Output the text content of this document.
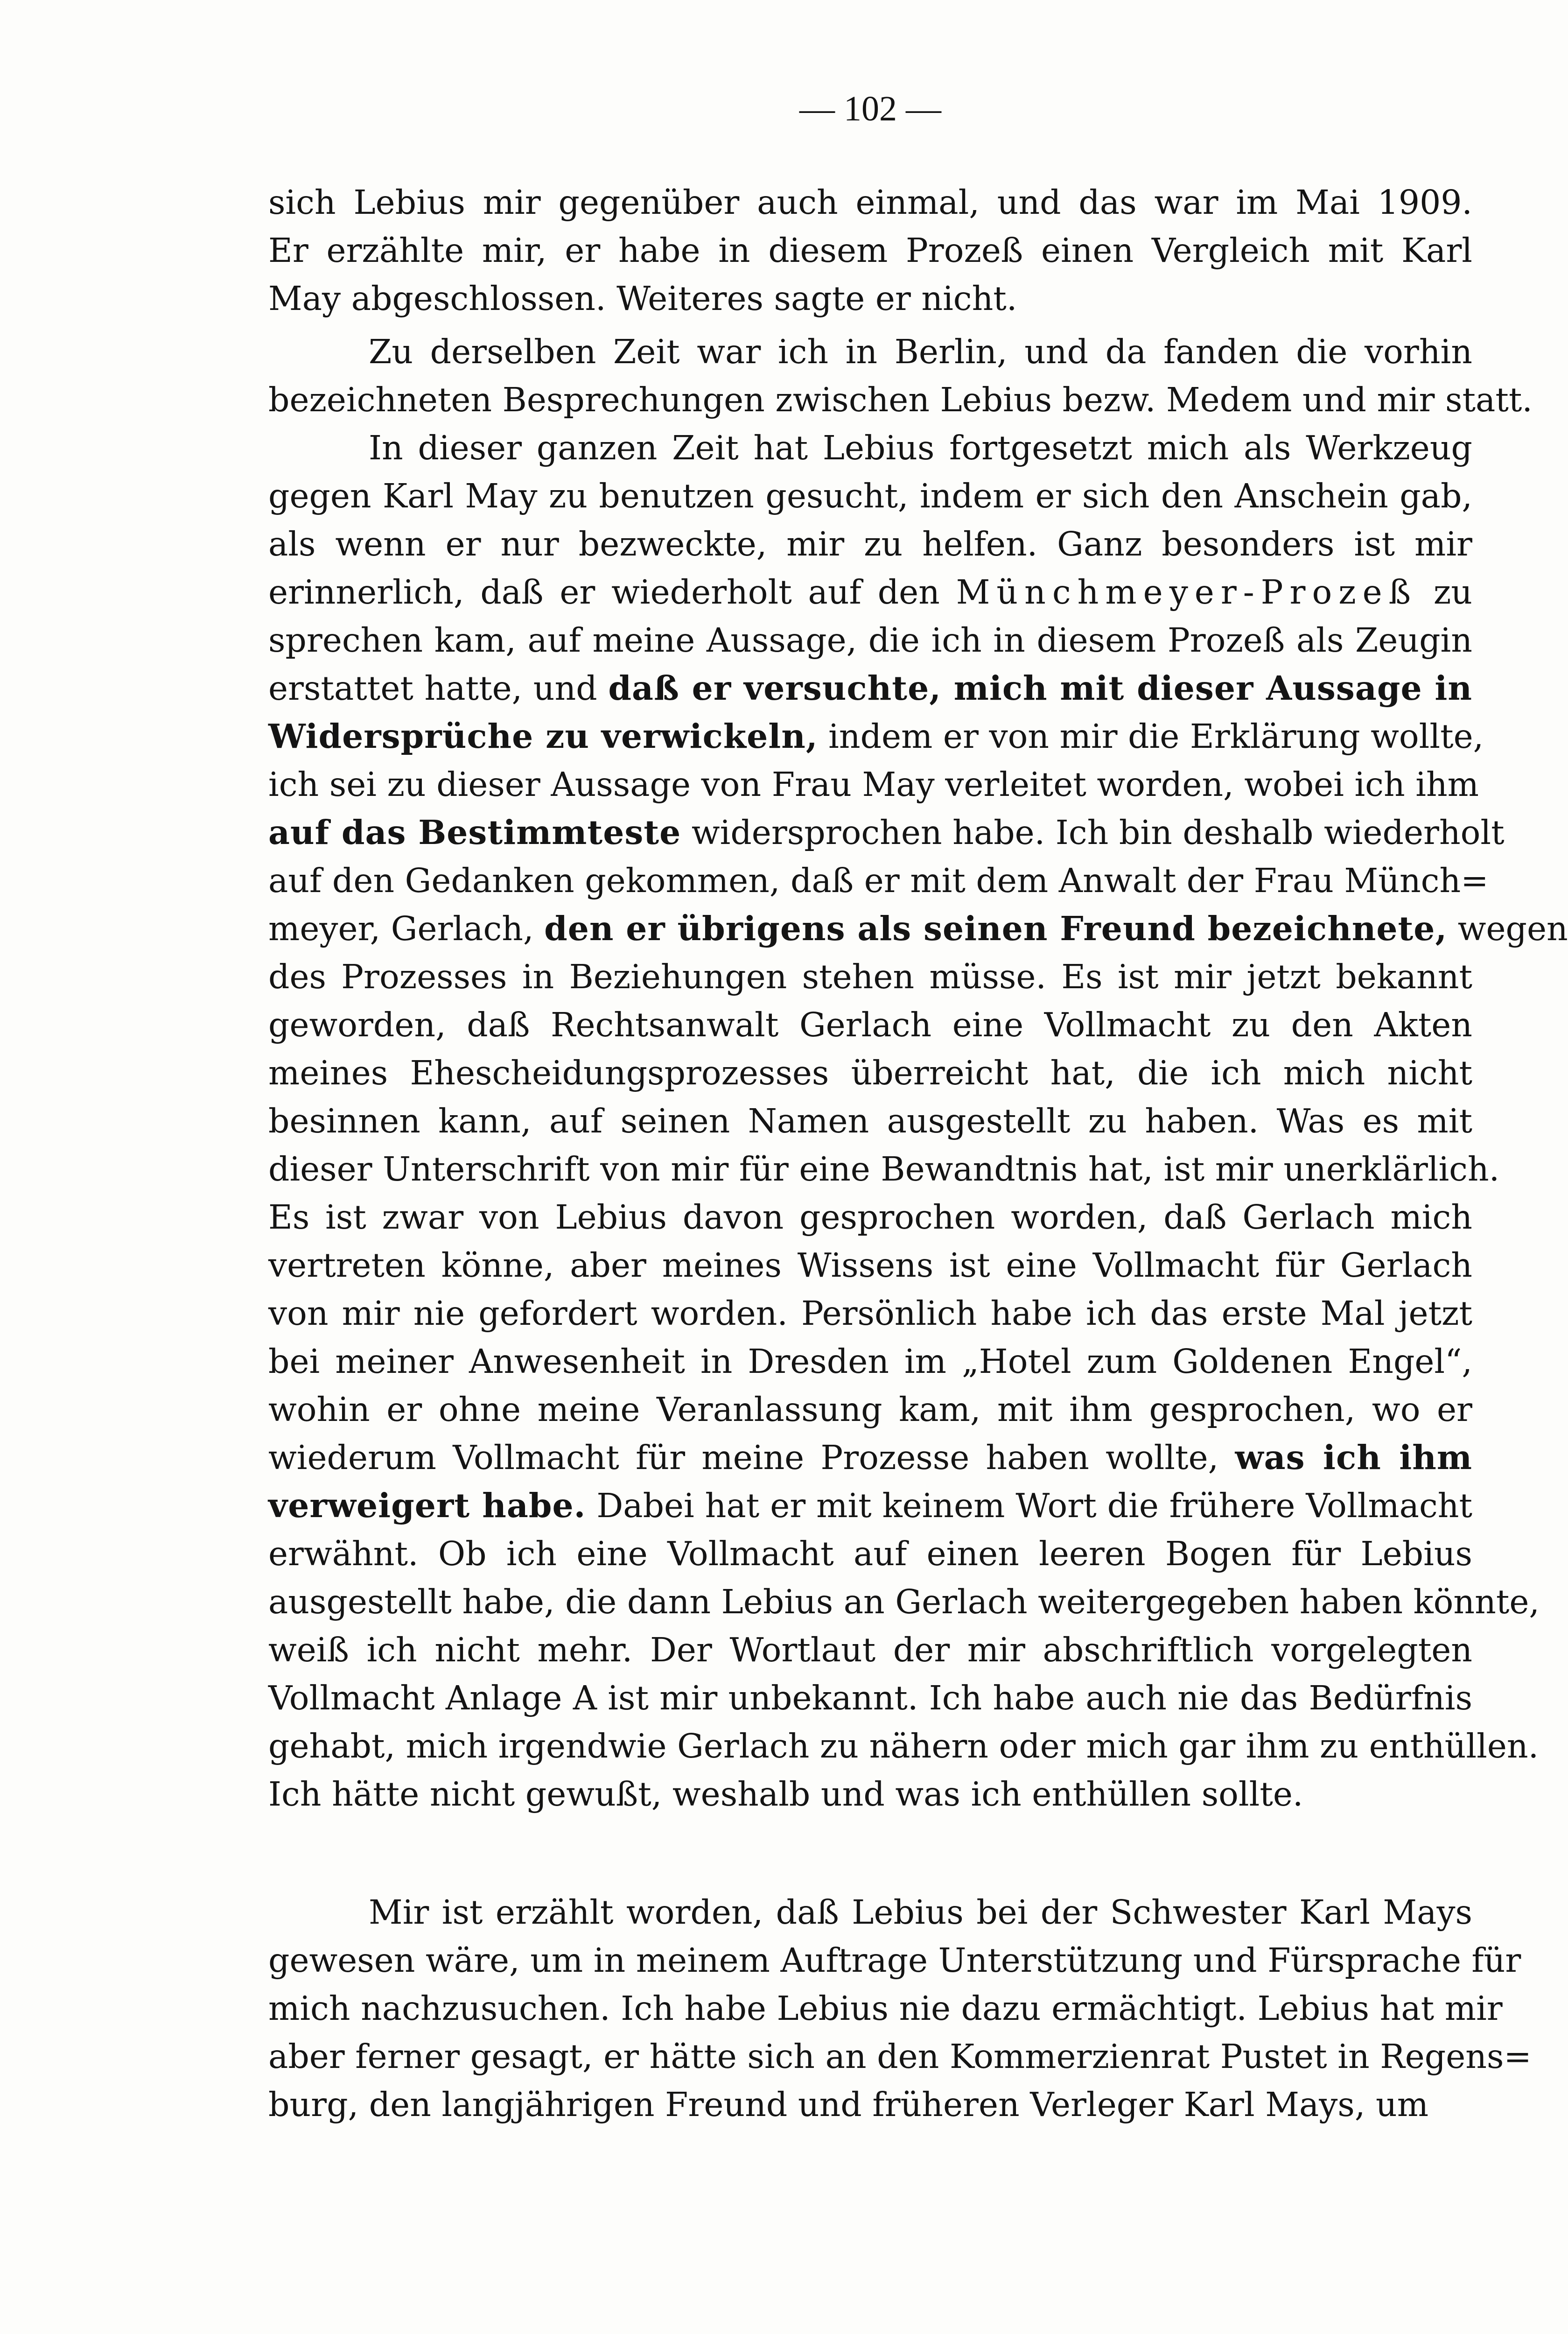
— 102 —
sich Lebius mir gegenüber auch einmal, und das war im Mai 1909.
Er erzählte mir, er habe in diesem Prozeß einen Vergleich mit Karl
May abgeschlossen. Weiteres sagte er nicht.
Zu derselben Zeit war ich in Berlin, und da fanden die vorhin
bezeichneten Besprechungen zwischen Lebius bezw. Medem und mir statt.
In dieser ganzen Zeit hat Lebius fortgesetzt mich als Werkzeug
gegen Karl May zu benutzen gesucht, indem er sich den Anschein gab,
als wenn er nur bezweckte, mir zu helfen. Ganz besonders ist mir
erinnerlich, daß er wiederholt auf den Münchmeyer-Prozeß zu
sprechen kam, auf meine Aussage, die ich in diesem Prozeß als Zeugin
erstattet hatte, und daß er versuchte, mich mit dieser Aussage in
Widersprüche zu verwickeln, indem er von mir die Erklärung wollte,
ich sei zu dieser Aussage von Frau May verleitet worden, wobei ich ihm
auf das Bestimmteste widersprochen habe. Ich bin deshalb wiederholt
auf den Gedanken gekommen, daß er mit dem Anwalt der Frau Münch=
meyer, Gerlach, den er übrigens als seinen Freund bezeichnete, wegen
des Prozesses in Beziehungen stehen müsse. Es ist mir jetzt bekannt
geworden, daß Rechtsanwalt Gerlach eine Vollmacht zu den Akten
meines Ehescheidungsprozesses überreicht hat, die ich mich nicht
besinnen kann, auf seinen Namen ausgestellt zu haben. Was es mit
dieser Unterschrift von mir für eine Bewandtnis hat, ist mir unerklärlich.
Es ist zwar von Lebius davon gesprochen worden, daß Gerlach mich
vertreten könne, aber meines Wissens ist eine Vollmacht für Gerlach
von mir nie gefordert worden. Persönlich habe ich das erste Mal jetzt
bei meiner Anwesenheit in Dresden im „Hotel zum Goldenen Engel“,
wohin er ohne meine Veranlassung kam, mit ihm gesprochen, wo er
wiederum Vollmacht für meine Prozesse haben wollte, was ich ihm
verweigert habe. Dabei hat er mit keinem Wort die frühere Vollmacht
erwähnt. Ob ich eine Vollmacht auf einen leeren Bogen für Lebius
ausgestellt habe, die dann Lebius an Gerlach weitergegeben haben könnte,
weiß ich nicht mehr. Der Wortlaut der mir abschriftlich vorgelegten
Vollmacht Anlage A ist mir unbekannt. Ich habe auch nie das Bedürfnis
gehabt, mich irgendwie Gerlach zu nähern oder mich gar ihm zu enthüllen.
Ich hätte nicht gewußt, weshalb und was ich enthüllen sollte.
Mir ist erzählt worden, daß Lebius bei der Schwester Karl Mays
gewesen wäre, um in meinem Auftrage Unterstützung und Fürsprache für
mich nachzusuchen. Ich habe Lebius nie dazu ermächtigt. Lebius hat mir
aber ferner gesagt, er hätte sich an den Kommerzienrat Pustet in Regens=
burg, den langjährigen Freund und früheren Verleger Karl Mays, um
